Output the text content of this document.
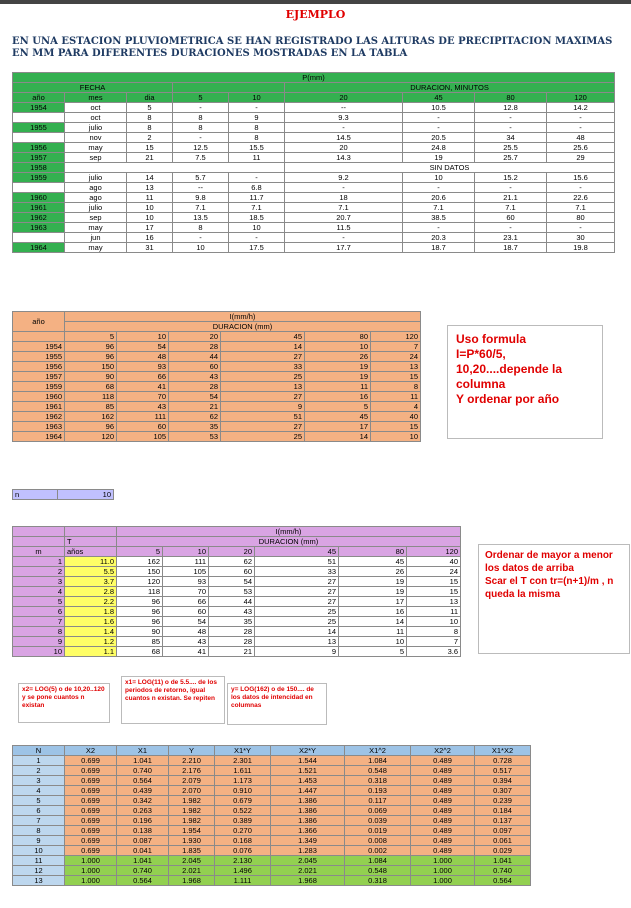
EJEMPLO
EN UNA ESTACION PLUVIOMETRICA SE HAN REGISTRADO LAS ALTURAS DE PRECIPITACION MAXIMAS EN MM PARA DIFERENTES DURACIONES MOSTRADAS EN LA TABLA
P(mm)								
FECHA					DURACION, MINUTOS			
año	mes	dia	5	10	20	45	80	120
1954	oct	5	-	-	--	10.5	12.8	14.2
	oct	8	8	9	9.3	-	-	-
1955	julio	8	8	8	-	-	-	-
	nov	2	-	8	14.5	20.5	34	48
1956	may	15	12.5	15.5	20	24.8	25.5	25.6
1957	sep	21	7.5	11	14.3	19	25.7	29
1958					SIN DATOS			
1959	julio	14	5.7	-	9.2	10	15.2	15.6
	ago	13	--	6.8	-	-	-	-
1960	ago	11	9.8	11.7	18	20.6	21.1	22.6
1961	julio	10	7.1	7.1	7.1	7.1	7.1	7.1
1962	sep	10	13.5	18.5	20.7	38.5	60	80
1963	may	17	8	10	11.5	-	-	-
	jun	16	-	-	-	20.3	23.1	30
1964	may	31	10	17.5	17.7	18.7	18.7	19.8
año	I(mm/h)					
	DURACION (mm)					
	5	10	20	45	80	120
1954	96	54	28	14	10	7
1955	96	48	44	27	26	24
1956	150	93	60	33	19	13
1957	90	66	43	25	19	15
1959	68	41	28	13	11	8
1960	118	70	54	27	16	11
1961	85	43	21	9	5	4
1962	162	111	62	51	45	40
1963	96	60	35	27	17	15
1964	120	105	53	25	14	10
Uso formula
I=P*60/5,
10,20....depende la columna
Y ordenar por año
n	10
		I(mm/h)					
	T	DURACION (mm)					
m	años	5	10	20	45	80	120
1	11.0	162	111	62	51	45	40
2	5.5	150	105	60	33	26	24
3	3.7	120	93	54	27	19	15
4	2.8	118	70	53	27	19	15
5	2.2	96	66	44	27	17	13
6	1.8	96	60	43	25	16	11
7	1.6	96	54	35	25	14	10
8	1.4	90	48	28	14	11	8
9	1.2	85	43	28	13	10	7
10	1.1	68	41	21	9	5	3.6
Ordenar de mayor a menor los datos de arriba
Scar el T con tr=(n+1)/m , n queda la misma
x2= LOG(5) o de 10,20..120 y se pone cuantos n existan
x1= LOG(11) o de 5.5.... de los periodos de retorno, igual cuantos n existan. Se repiten
y= LOG(162) o de 150.... de los datos de intencidad en columnas
N	X2	X1	Y	X1*Y	X2*Y	X1^2	X2^2	X1*X2
1	0.699	1.041	2.210	2.301	1.544	1.084	0.489	0.728
2	0.699	0.740	2.176	1.611	1.521	0.548	0.489	0.517
3	0.699	0.564	2.079	1.173	1.453	0.318	0.489	0.394
4	0.699	0.439	2.070	0.910	1.447	0.193	0.489	0.307
5	0.699	0.342	1.982	0.679	1.386	0.117	0.489	0.239
6	0.699	0.263	1.982	0.522	1.386	0.069	0.489	0.184
7	0.699	0.196	1.982	0.389	1.386	0.039	0.489	0.137
8	0.699	0.138	1.954	0.270	1.366	0.019	0.489	0.097
9	0.699	0.087	1.930	0.168	1.349	0.008	0.489	0.061
10	0.699	0.041	1.835	0.076	1.283	0.002	0.489	0.029
11	1.000	1.041	2.045	2.130	2.045	1.084	1.000	1.041
12	1.000	0.740	2.021	1.496	2.021	0.548	1.000	0.740
13	1.000	0.564	1.968	1.111	1.968	0.318	1.000	0.564
